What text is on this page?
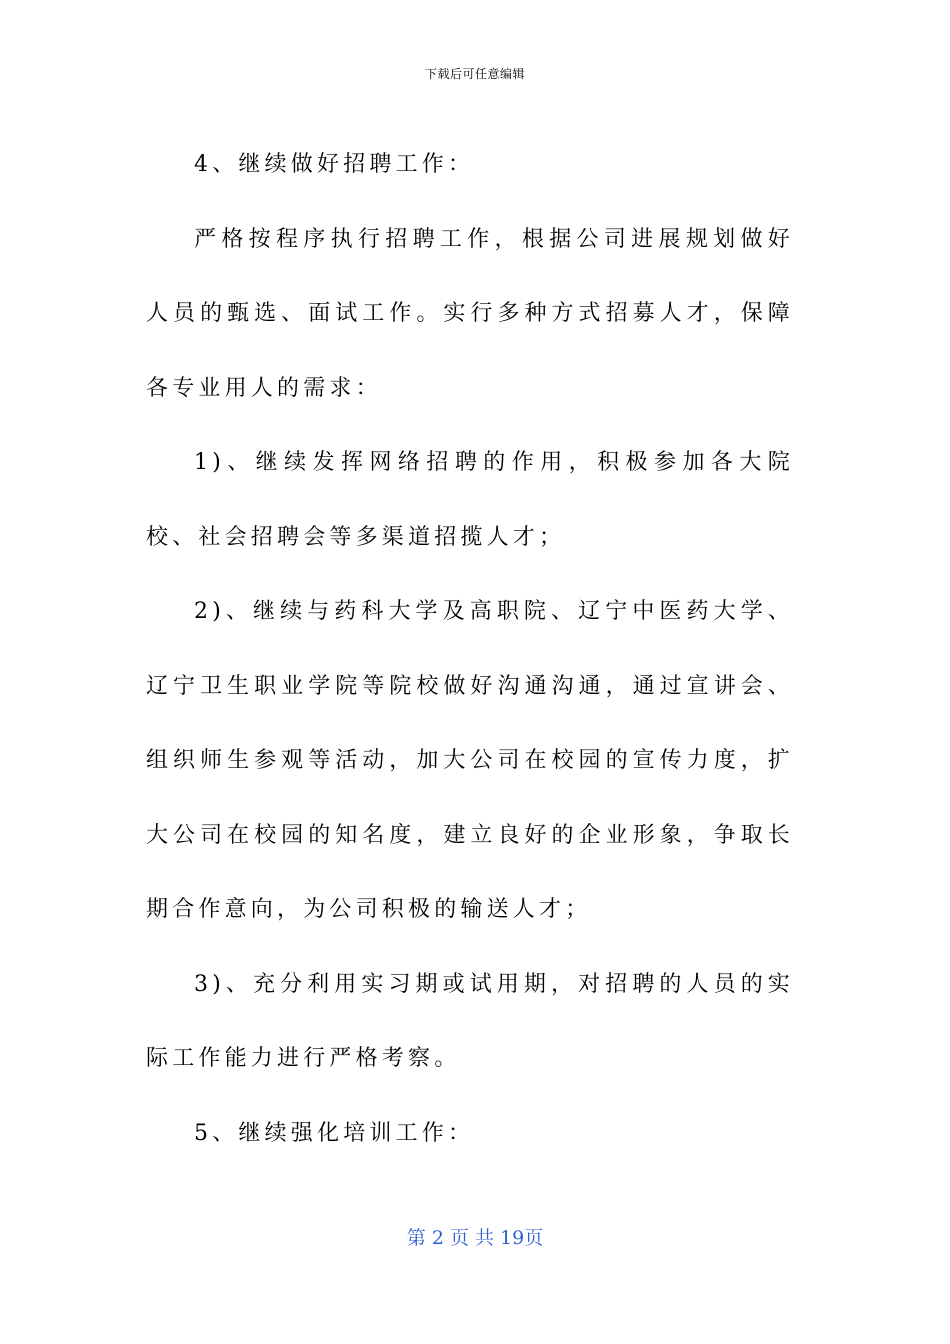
下载后可任意编辑

4、继续做好招聘工作：

严格按程序执行招聘工作，根据公司进展规划做好人员的甄选、面试工作。实行多种方式招募人才，保障各专业用人的需求：

1)、继续发挥网络招聘的作用，积极参加各大院校、社会招聘会等多渠道招揽人才；

2)、继续与药科大学及高职院、辽宁中医药大学、辽宁卫生职业学院等院校做好沟通沟通，通过宣讲会、组织师生参观等活动，加大公司在校园的宣传力度，扩大公司在校园的知名度，建立良好的企业形象，争取长期合作意向，为公司积极的输送人才；

3)、充分利用实习期或试用期，对招聘的人员的实际工作能力进行严格考察。

5、继续强化培训工作：

第 2 页 共 19页
